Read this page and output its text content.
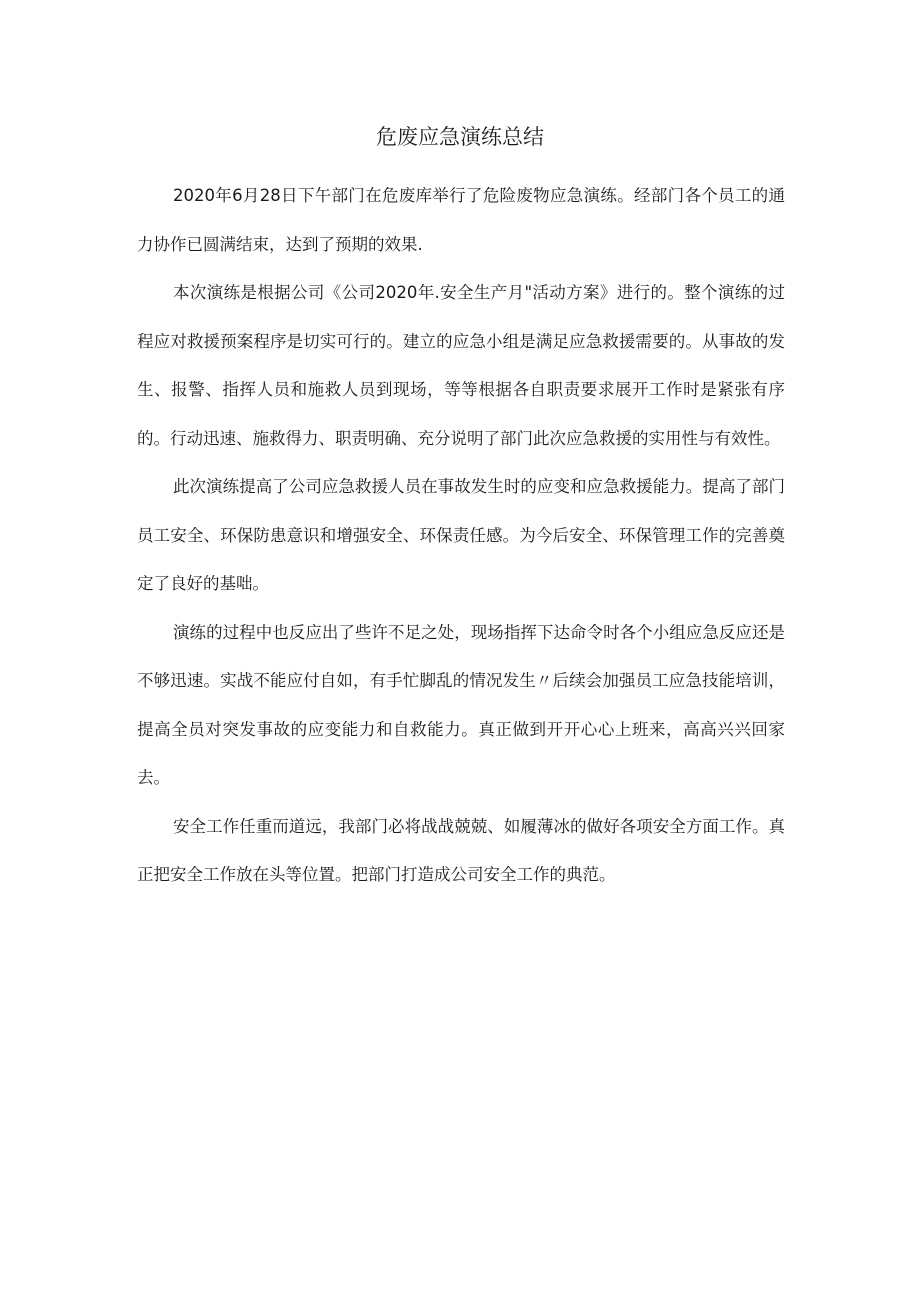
危废应急演练总结

2020年6月28日下午部门在危废库举行了危险废物应急演练。经部门各个员工的通力协作已圆满结束，达到了预期的效果.

本次演练是根据公司《公司2020年.安全生产月"活动方案》进行的。整个演练的过程应对救援预案程序是切实可行的。建立的应急小组是满足应急救援需要的。从事故的发生、报警、指挥人员和施救人员到现场，等等根据各自职责要求展开工作时是紧张有序的。行动迅速、施救得力、职责明确、充分说明了部门此次应急救援的实用性与有效性。

此次演练提高了公司应急救援人员在事故发生时的应变和应急救援能力。提高了部门员工安全、环保防患意识和增强安全、环保责任感。为今后安全、环保管理工作的完善奠定了良好的基咄。

演练的过程中也反应出了些许不足之处，现场指挥下达命令时各个小组应急反应还是不够迅速。实战不能应付自如，有手忙脚乱的情况发生〃后续会加强员工应急技能培训，提高全员对突发事故的应变能力和自救能力。真正做到开开心心上班来，高高兴兴回家去。

安全工作任重而道远，我部门必将战战兢兢、如履薄冰的做好各项安全方面工作。真正把安全工作放在头等位置。把部门打造成公司安全工作的典范。
